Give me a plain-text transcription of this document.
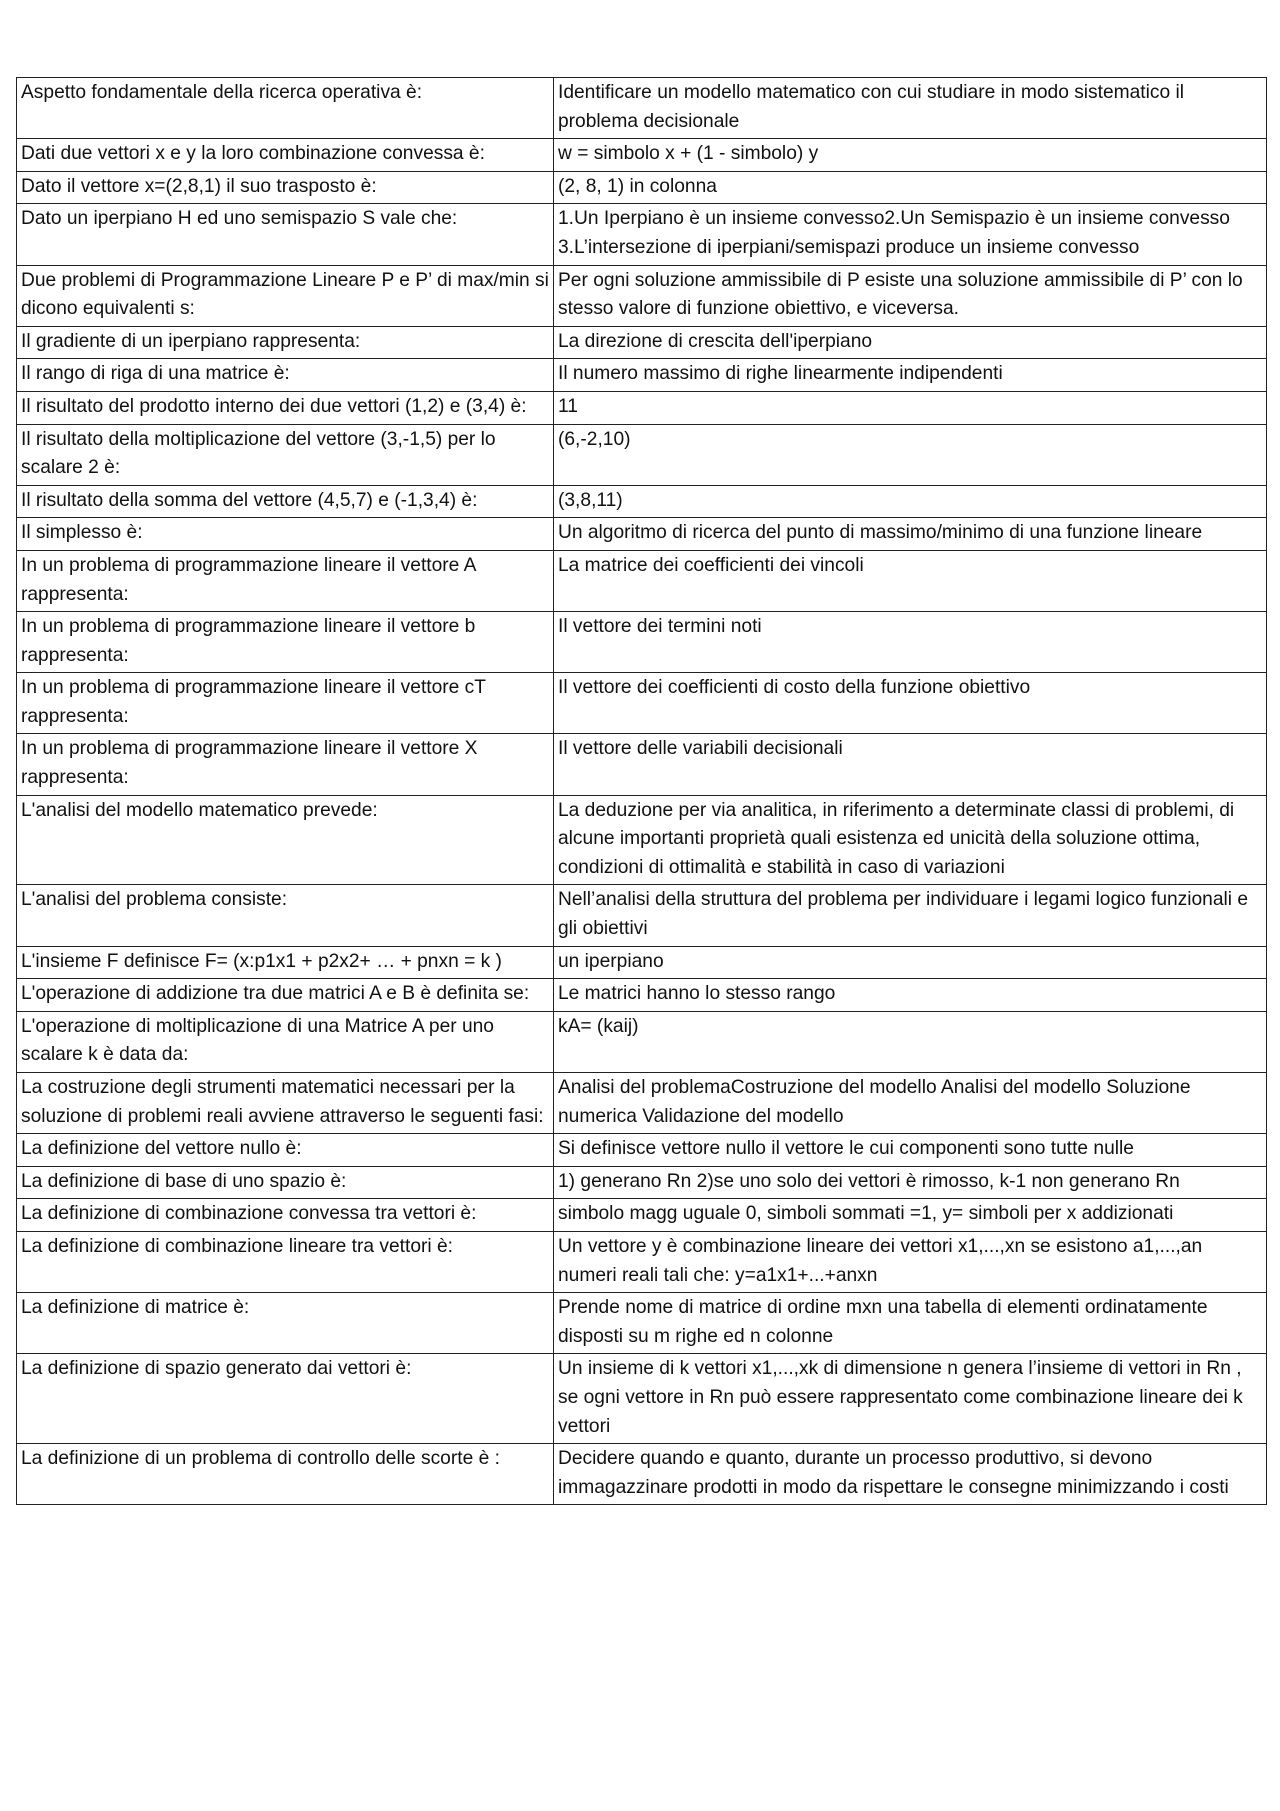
Aspetto fondamentale della ricerca operativa è:	Identificare un modello matematico con cui studiare in modo sistematico il problema decisionale
Dati due vettori x e y la loro combinazione convessa è:	w = simbolo x + (1 - simbolo) y
Dato il vettore x=(2,8,1) il suo trasposto è:	(2, 8, 1) in colonna
Dato un iperpiano H ed uno semispazio S vale che:	1.Un Iperpiano è un insieme convesso2.Un Semispazio è un insieme convesso 3.L’intersezione di iperpiani/semispazi produce un insieme convesso
Due problemi di Programmazione Lineare P e P’ di max/min si dicono equivalenti s:	Per ogni soluzione ammissibile di P esiste una soluzione ammissibile di P’ con lo stesso valore di funzione obiettivo, e viceversa.
Il gradiente di un iperpiano rappresenta:	La direzione di crescita dell'iperpiano
Il rango di riga di una matrice è:	Il numero massimo di righe linearmente indipendenti
Il risultato del prodotto interno dei due vettori (1,2) e (3,4) è:	11
Il risultato della moltiplicazione del vettore (3,-1,5) per lo scalare 2 è:	(6,-2,10)
Il risultato della somma del vettore (4,5,7) e (-1,3,4) è:	(3,8,11)
Il simplesso è:	Un algoritmo di ricerca del punto di massimo/minimo di una funzione lineare
In un problema di programmazione lineare il vettore A rappresenta:	La matrice dei coefficienti dei vincoli
In un problema di programmazione lineare il vettore b rappresenta:	Il vettore dei termini noti
In un problema di programmazione lineare il vettore cT rappresenta:	Il vettore dei coefficienti di costo della funzione obiettivo
In un problema di programmazione lineare il vettore X rappresenta:	Il vettore delle variabili decisionali
L'analisi del modello matematico prevede:	La deduzione per via analitica, in riferimento a determinate classi di problemi, di alcune importanti proprietà quali esistenza ed unicità della soluzione ottima, condizioni di ottimalità e stabilità in caso di variazioni
L'analisi del problema consiste:	Nell’analisi della struttura del problema per individuare i legami logico funzionali e gli obiettivi
L'insieme F definisce F= (x:p1x1 + p2x2+ … + pnxn = k )	un iperpiano
L'operazione di addizione tra due matrici A e B è definita se:	Le matrici hanno lo stesso rango
L'operazione di moltiplicazione di una Matrice A per uno scalare k è data da:	kA= (kaij)
La costruzione degli strumenti matematici necessari per la soluzione di problemi reali avviene attraverso le seguenti fasi:	Analisi del problemaCostruzione del modello Analisi del modello Soluzione numerica Validazione del modello
La definizione del vettore nullo è:	Si definisce vettore nullo il vettore le cui componenti sono tutte nulle
La definizione di base di uno spazio è:	1) generano Rn 2)se uno solo dei vettori è rimosso, k-1 non generano Rn
La definizione di combinazione convessa tra vettori è:	simbolo magg uguale 0, simboli sommati =1, y= simboli per x addizionati
La definizione di combinazione lineare tra vettori è:	Un vettore y è combinazione lineare dei vettori x1,...,xn se esistono a1,...,an numeri reali tali che: y=a1x1+...+anxn
La definizione di matrice è:	Prende nome di matrice di ordine mxn una tabella di elementi ordinatamente disposti su m righe ed n colonne
La definizione di spazio generato dai vettori è:	Un insieme di k vettori x1,...,xk di dimensione n genera l’insieme di vettori in Rn , se ogni vettore in Rn può essere rappresentato come combinazione lineare dei k vettori
La definizione di un problema di controllo delle scorte è :	Decidere quando e quanto, durante un processo produttivo, si devono immagazzinare prodotti in modo da rispettare le consegne minimizzando i costi
